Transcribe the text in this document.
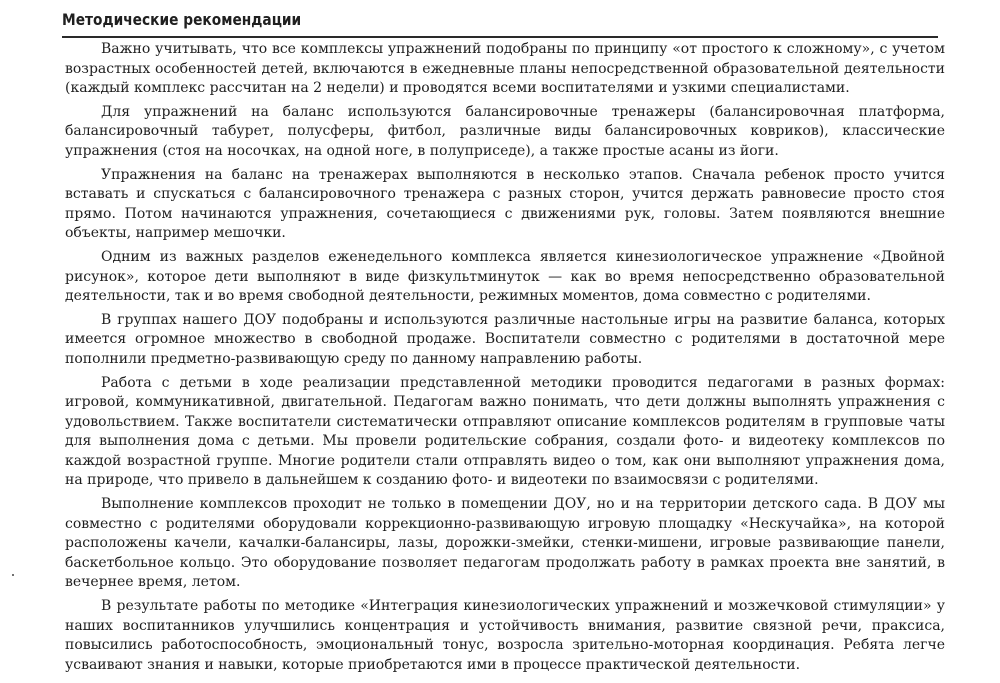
Методические рекомендации

Важно учитывать, что все комплексы упражнений подобраны по принципу «от простого к сложному», с учетом возрастных особенностей детей, включаются в ежедневные планы непосредственной образовательной деятельности (каждый комплекс рассчитан на 2 недели) и проводятся всеми воспитателями и узкими специалистами.

Для упражнений на баланс используются балансировочные тренажеры (балансировочная платформа, балансировочный табурет, полусферы, фитбол, различные виды балансировочных ковриков), классические упражнения (стоя на носочках, на одной ноге, в полуприседе), а также простые асаны из йоги.

Упражнения на баланс на тренажерах выполняются в несколько этапов. Сначала ребенок просто учится вставать и спускаться с балансировочного тренажера с разных сторон, учится держать равновесие просто стоя прямо. Потом начинаются упражнения, сочетающиеся с движениями рук, головы. Затем появляются внешние объекты, например мешочки.

Одним из важных разделов еженедельного комплекса является кинезиологическое упражнение «Двойной рисунок», которое дети выполняют в виде физкультминуток — как во время непосредственно образовательной деятельности, так и во время свободной деятельности, режимных моментов, дома совместно с родителями.

В группах нашего ДОУ подобраны и используются различные настольные игры на развитие баланса, которых имеется огромное множество в свободной продаже. Воспитатели совместно с родителями в достаточной мере пополнили предметно-развивающую среду по данному направлению работы.

Работа с детьми в ходе реализации представленной методики проводится педагогами в разных формах: игровой, коммуникативной, двигательной. Педагогам важно понимать, что дети должны выполнять упражнения с удовольствием. Также воспитатели систематически отправляют описание комплексов родителям в групповые чаты для выполнения дома с детьми. Мы провели родительские собрания, создали фото- и видеотеку комплексов по каждой возрастной группе. Многие родители стали отправлять видео о том, как они выполняют упражнения дома, на природе, что привело в дальнейшем к созданию фото- и видеотеки по взаимосвязи с родителями.

Выполнение комплексов проходит не только в помещении ДОУ, но и на территории детского сада. В ДОУ мы совместно с родителями оборудовали коррекционно-развивающую игровую площадку «Нескучайка», на которой расположены качели, качалки-балансиры, лазы, дорожки-змейки, стенки-мишени, игровые развивающие панели, баскетбольное кольцо. Это оборудование позволяет педагогам продолжать работу в рамках проекта вне занятий, в вечернее время, летом.

В результате работы по методике «Интеграция кинезиологических упражнений и мозжечковой стимуляции» у наших воспитанников улучшились концентрация и устойчивость внимания, развитие связной речи, праксиса, повысились работоспособность, эмоциональный тонус, возросла зрительно-моторная координация. Ребята легче усваивают знания и навыки, которые приобретаются ими в процессе практической деятельности.
